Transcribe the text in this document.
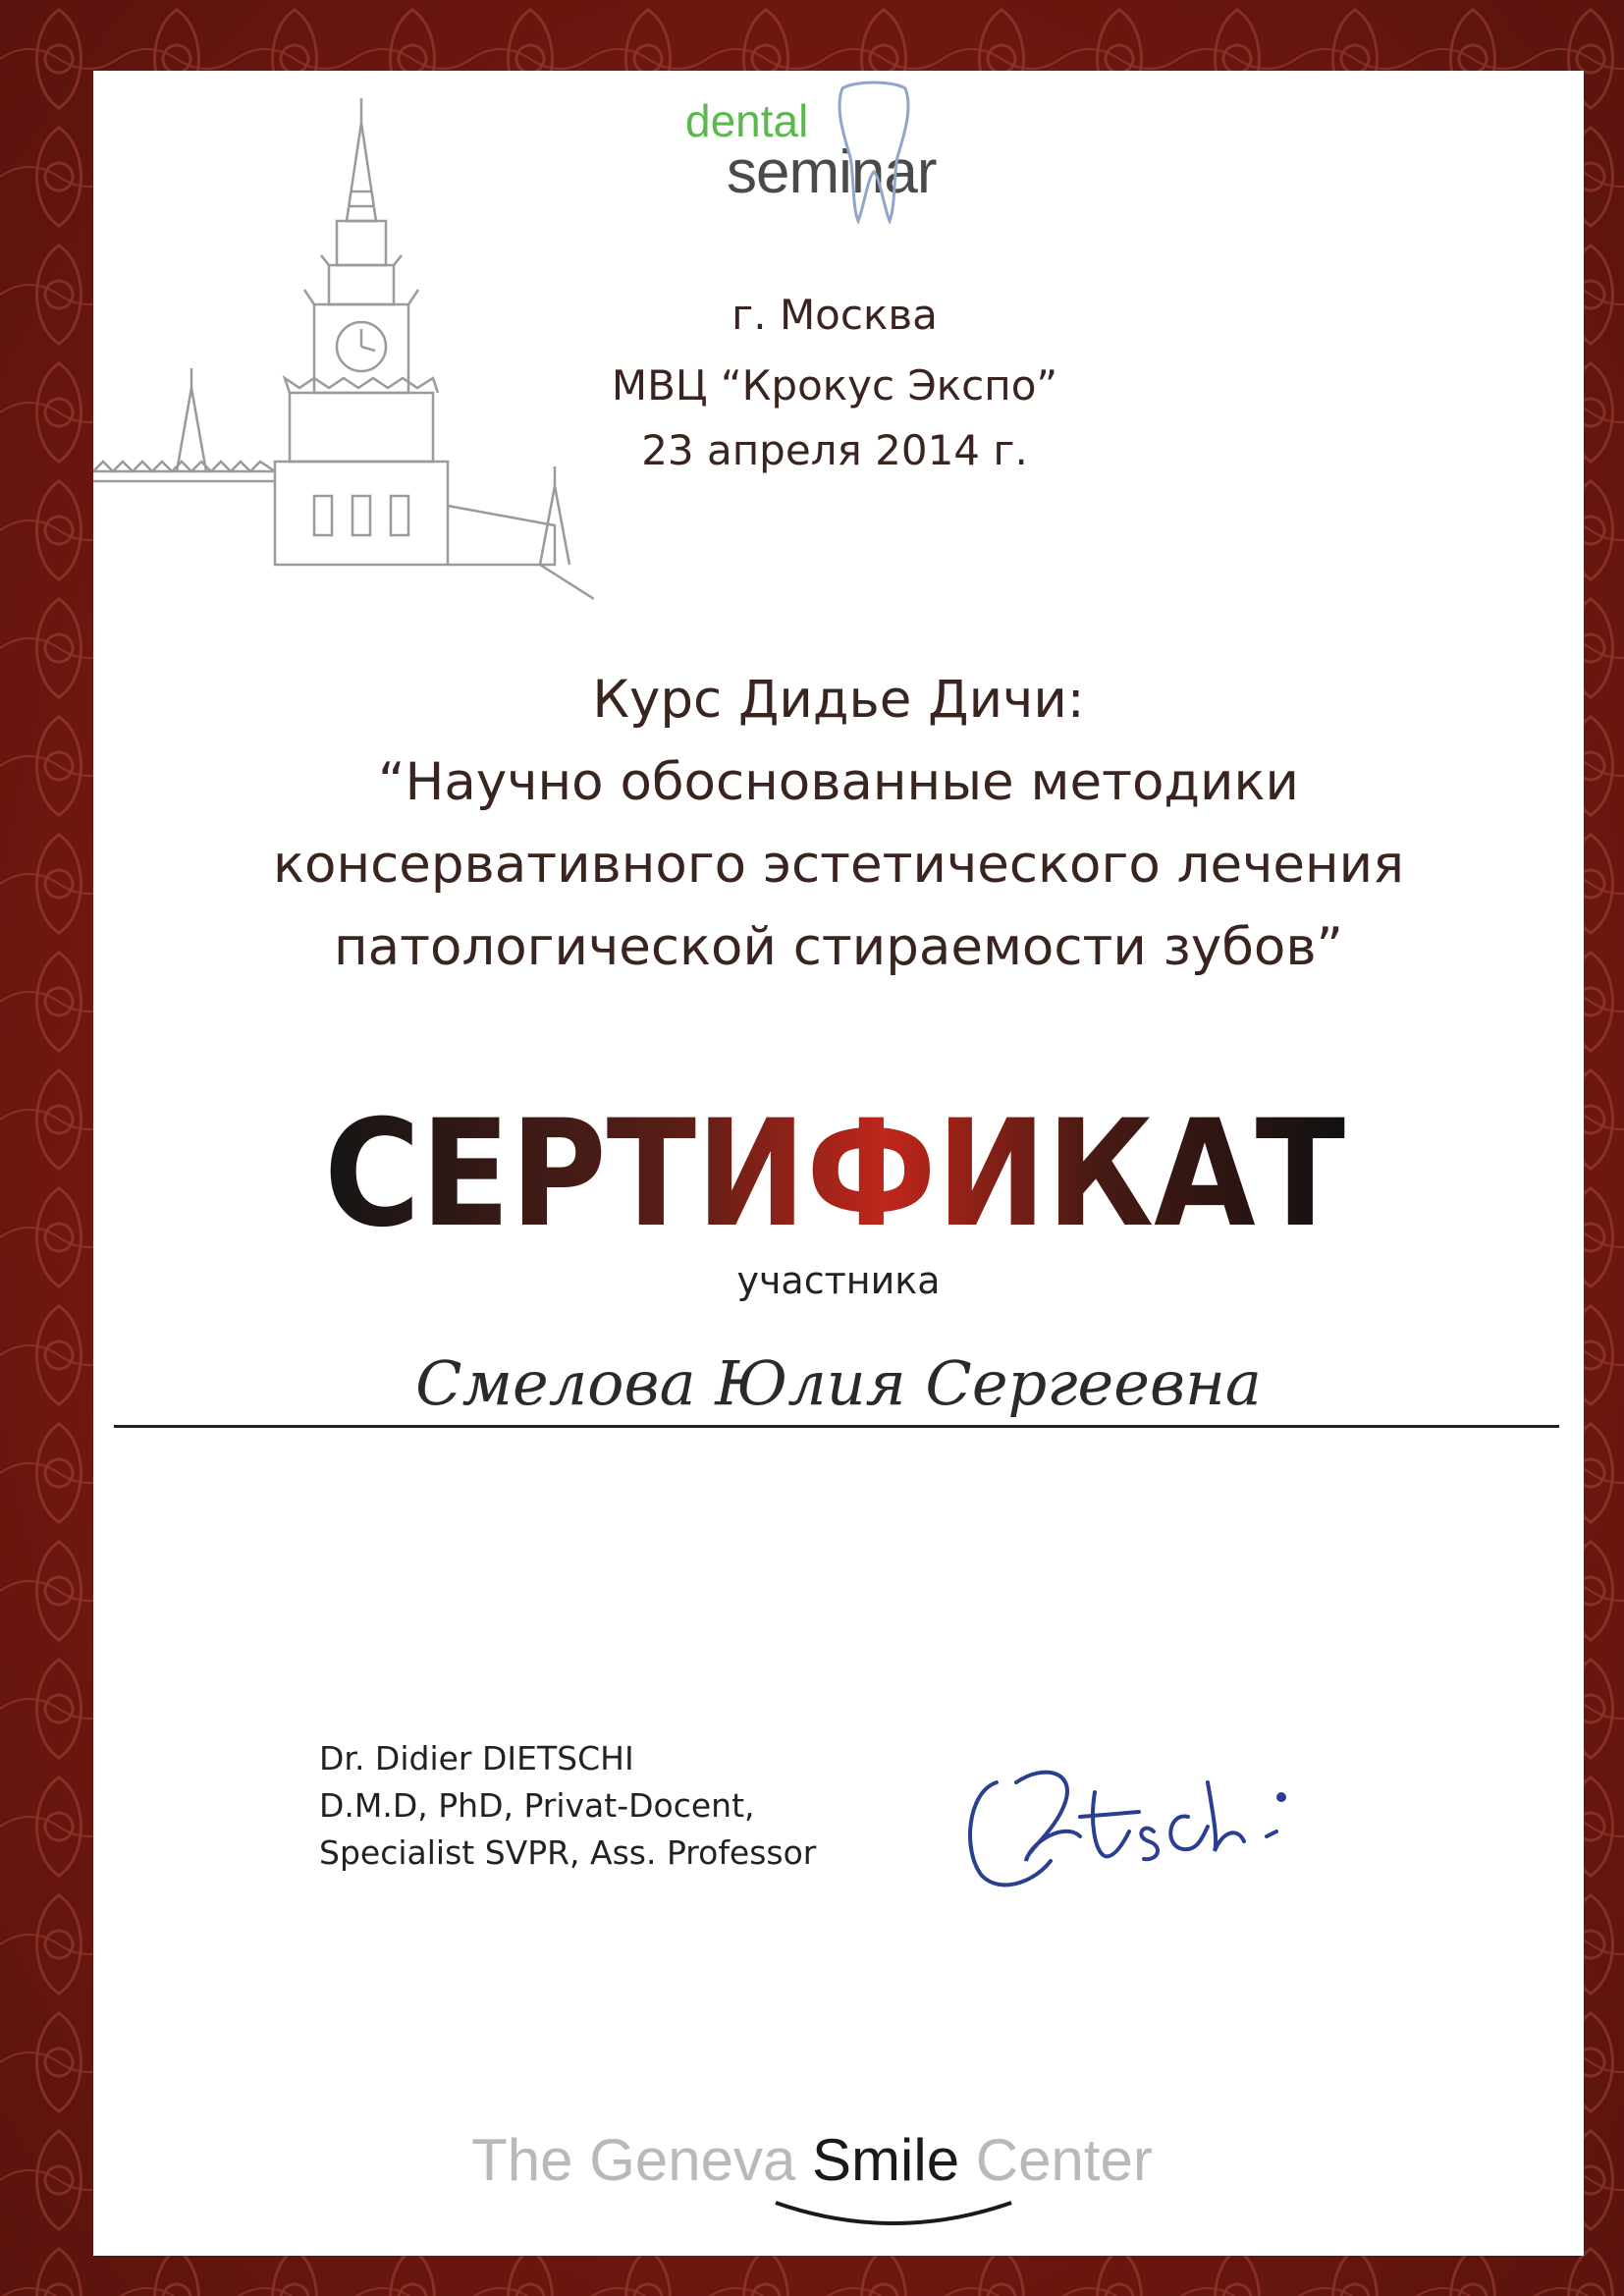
dental
seminar
г. Москва
МВЦ “Крокус Экспо”
23 апреля 2014 г.
Курс Дидье Дичи:
“Научно обоснованные методики
консервативного эстетического лечения
патологической стираемости зубов”
СЕРТИФИКАТ
участника
Смелова Юлия Сергеевна
Dr. Didier DIETSCHI
D.M.D, PhD, Privat-Docent,
Specialist SVPR, Ass. Professor
The Geneva Smile Center
